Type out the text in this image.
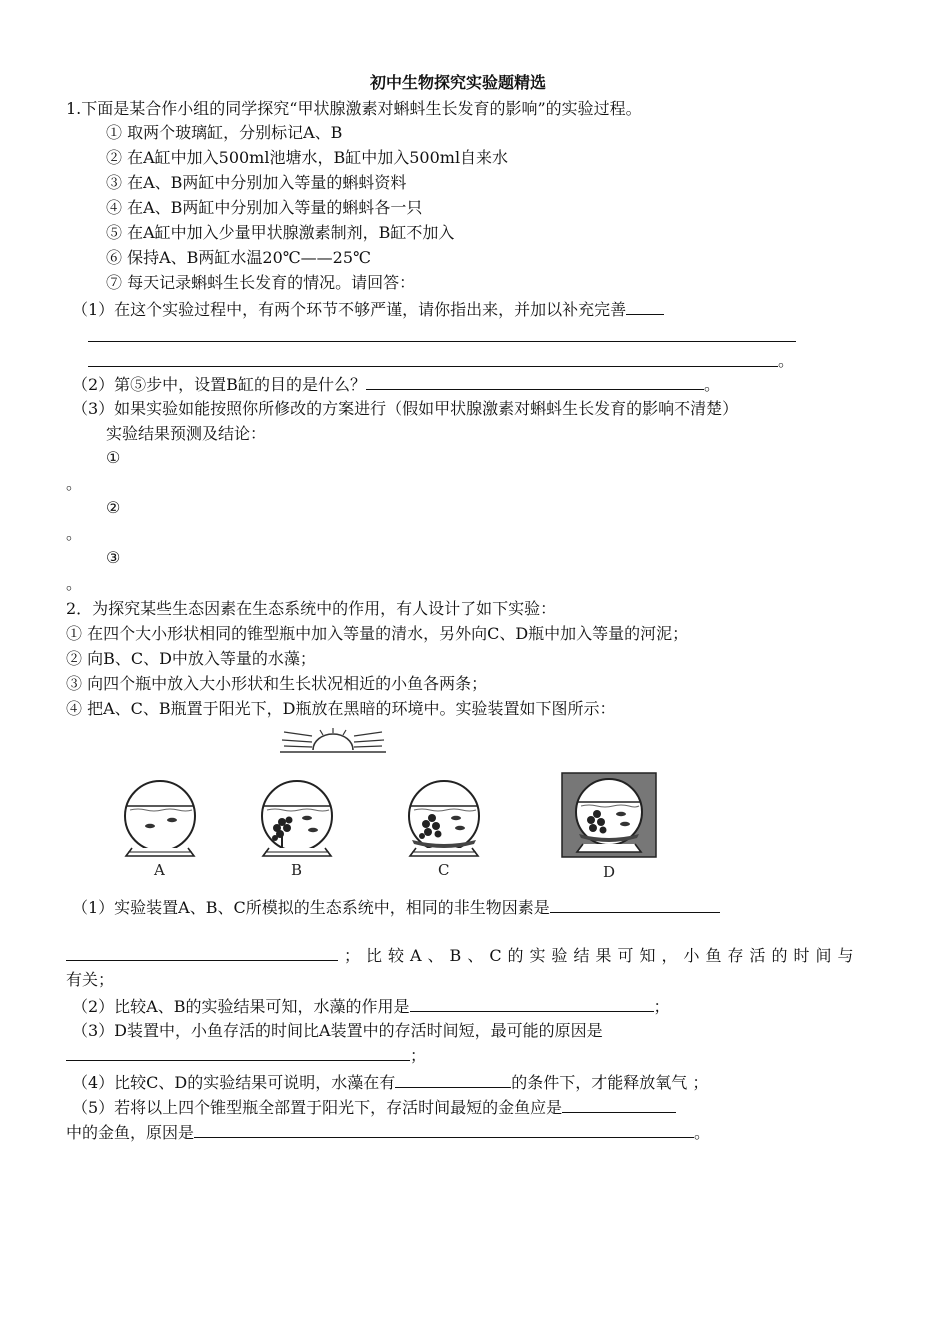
初中生物探究实验题精选
1.下面是某合作小组的同学探究“甲状腺激素对蝌蚪生长发育的影响”的实验过程。
① 取两个玻璃缸，分别标记A、B
② 在A缸中加入500ml池塘水，B缸中加入500ml自来水
③ 在A、B两缸中分别加入等量的蝌蚪资料
④ 在A、B两缸中分别加入等量的蝌蚪各一只
⑤ 在A缸中加入少量甲状腺激素制剂，B缸不加入
⑥ 保持A、B两缸水温20℃——25℃
⑦ 每天记录蝌蚪生长发育的情况。请回答：
（1）在这个实验过程中，有两个环节不够严谨，请你指出来，并加以补充完善
。
（2）第⑤步中，设置B缸的目的是什么？	。
（3）如果实验如能按照你所修改的方案进行（假如甲状腺激素对蝌蚪生长发育的影响不清楚）
实验结果预测及结论：
①
。
②
。
③
。
2．为探究某些生态因素在生态系统中的作用，有人设计了如下实验：
① 在四个大小形状相同的锥型瓶中加入等量的清水，另外向C、D瓶中加入等量的河泥；
② 向B、C、D中放入等量的水藻；
③ 向四个瓶中放入大小形状和生长状况相近的小鱼各两条；
④ 把A、C、B瓶置于阳光下，D瓶放在黑暗的环境中。实验装置如下图所示：
A	B	C	D
（1）实验装置A、B、C所模拟的生态系统中，相同的非生物因素是
；比较A、B、C的实验结果可知，小鱼存活的时间与
有关；
（2）比较A、B的实验结果可知，水藻的作用是	；
（3）D装置中，小鱼存活的时间比A装置中的存活时间短，最可能的原因是
；
（4）比较C、D的实验结果可说明，水藻在有	的条件下，才能释放氧气 ；
（5）若将以上四个锥型瓶全部置于阳光下，存活时间最短的金鱼应是
中的金鱼，原因是	。
